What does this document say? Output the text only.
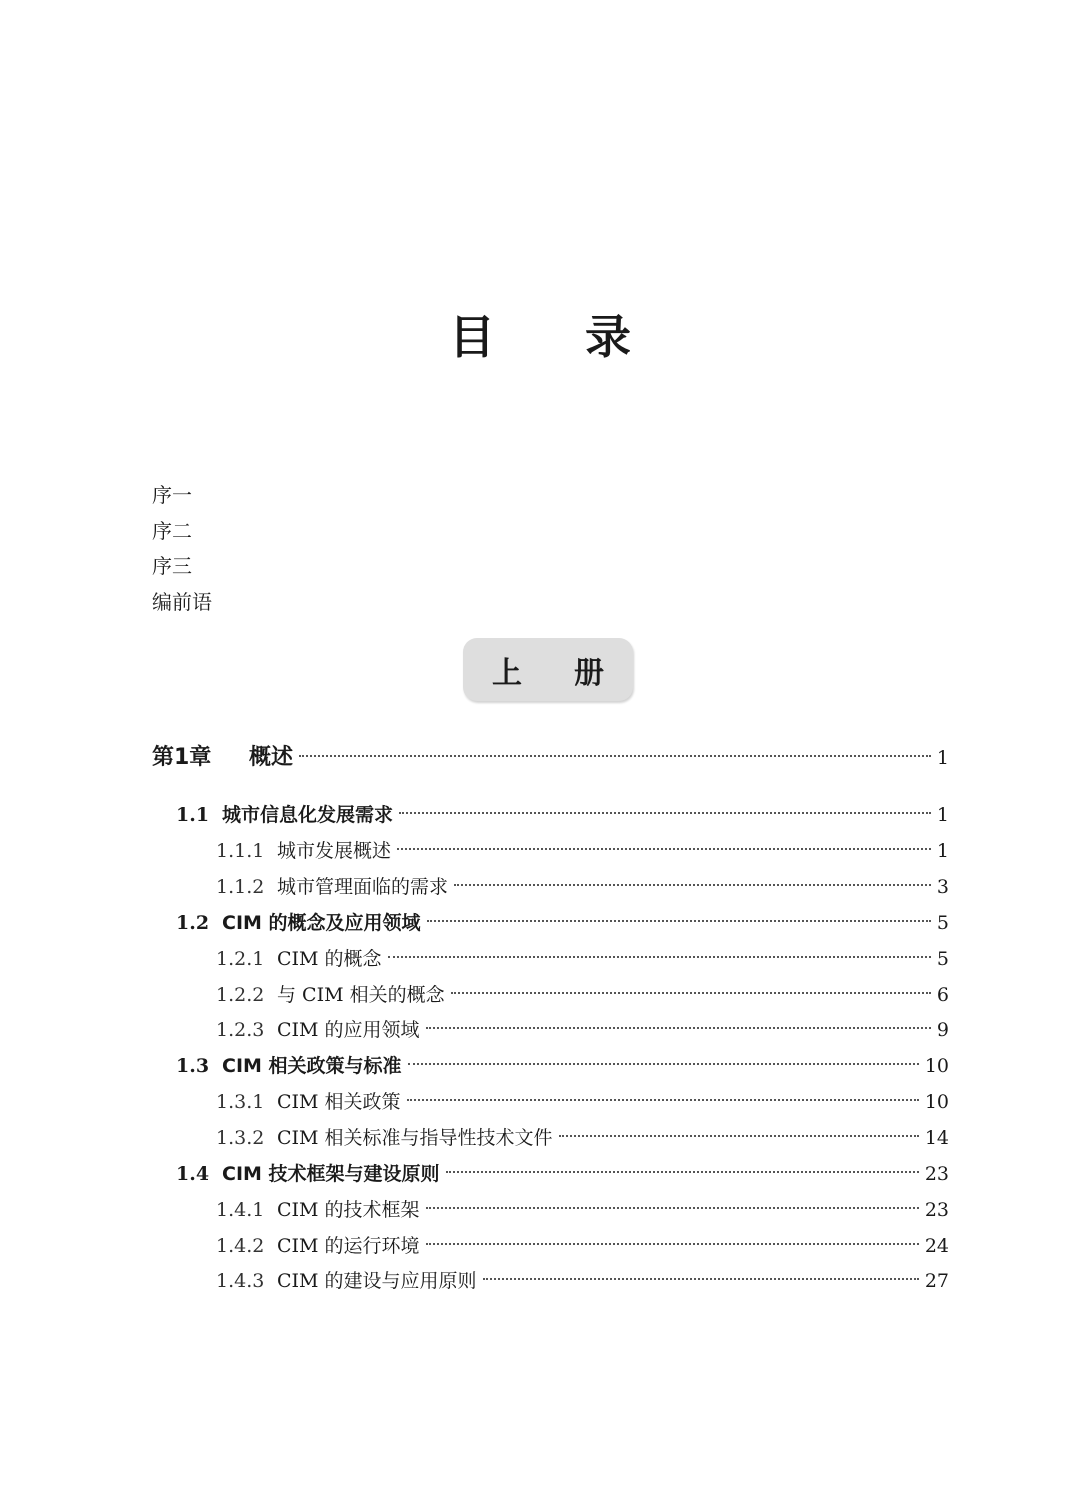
目 录
序一
序二
序三
编前语
上 册
第1章	概述	1
1.1 城市信息化发展需求	1
1.1.1 城市发展概述	1
1.1.2 城市管理面临的需求	3
1.2 CIM 的概念及应用领域	5
1.2.1 CIM 的概念	5
1.2.2 与 CIM 相关的概念	6
1.2.3 CIM 的应用领域	9
1.3 CIM 相关政策与标准	10
1.3.1 CIM 相关政策	10
1.3.2 CIM 相关标准与指导性技术文件	14
1.4 CIM 技术框架与建设原则	23
1.4.1 CIM 的技术框架	23
1.4.2 CIM 的运行环境	24
1.4.3 CIM 的建设与应用原则	27
